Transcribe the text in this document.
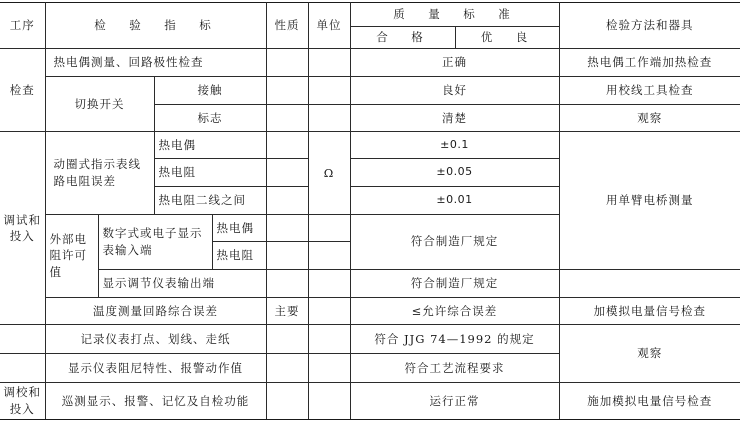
工序	检　验　指　标				性质	单位	质　量　标　准		检验方法和器具
							合　格	优　良	
检查	热电偶测量、回路极性检查						正确		热电偶工作端加热检查
	切换开关		接触				良好		用校线工具检查
			标志				清楚		观察
调试和投入	动圈式指示表线路电阻误差		热电偶			Ω	±0.1		用单臂电桥测量
			热电阻				±0.05		
			热电阻二线之间				±0.01		
	外部电阻许可值	数字式或电子显示表输入端		热电偶			符合制造厂规定		
				热电阻					
		显示调节仪表输出端					符合制造厂规定		
	温度测量回路综合误差				主要		≤允许综合误差		加模拟电量信号检查
	记录仪表打点、划线、走纸						符合 JJG 74—1992 的规定		观察
	显示仪表阻尼特性、报警动作值						符合工艺流程要求		
调校和投入	巡测显示、报警、记忆及自检功能						运行正常		施加模拟电量信号检查
